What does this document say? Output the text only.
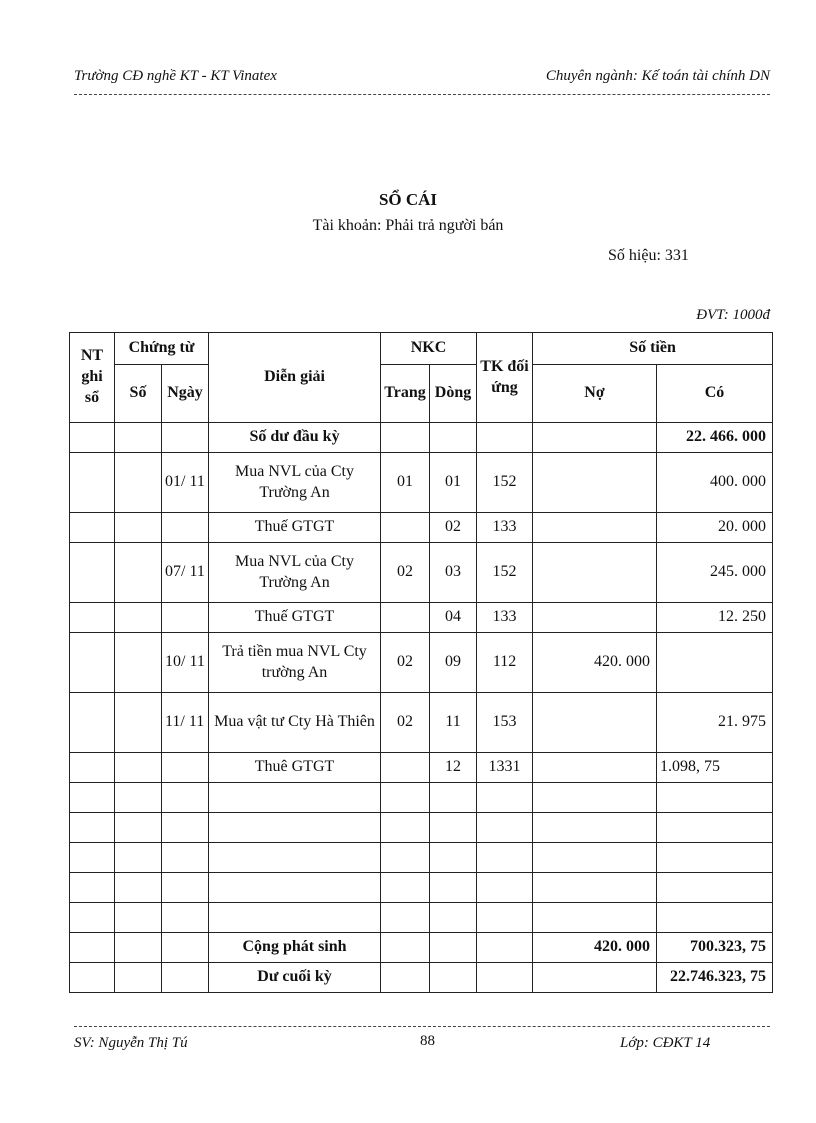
Trường CĐ nghề KT - KT Vinatex	Chuyên ngành: Kế toán tài chính DN
SỔ CÁI
Tài khoản: Phải trả người bán
Số hiệu: 331
ĐVT: 1000đ
NT ghi sổ	Chứng từ		Diễn giải	NKC		TK đối ứng	Số tiền	
	Số	Ngày		Trang	Dòng		Nợ	Có
			Số dư đầu kỳ					22. 466. 000
		01/ 11	Mua NVL của Cty Trường An	01	01	152		400. 000
			Thuế GTGT		02	133		20. 000
		07/ 11	Mua NVL của Cty Trường An	02	03	152		245. 000
			Thuế GTGT		04	133		12. 250
		10/ 11	Trả tiền mua NVL Cty trường An	02	09	112	420. 000	
		11/ 11	Mua vật tư Cty Hà Thiên	02	11	153		21. 975
			Thuê GTGT		12	1331		1.098, 75

			Cộng phát sinh				420. 000	700.323, 75
			Dư cuối kỳ					22.746.323, 75
SV: Nguyễn Thị Tú	88	Lớp: CĐKT 14
